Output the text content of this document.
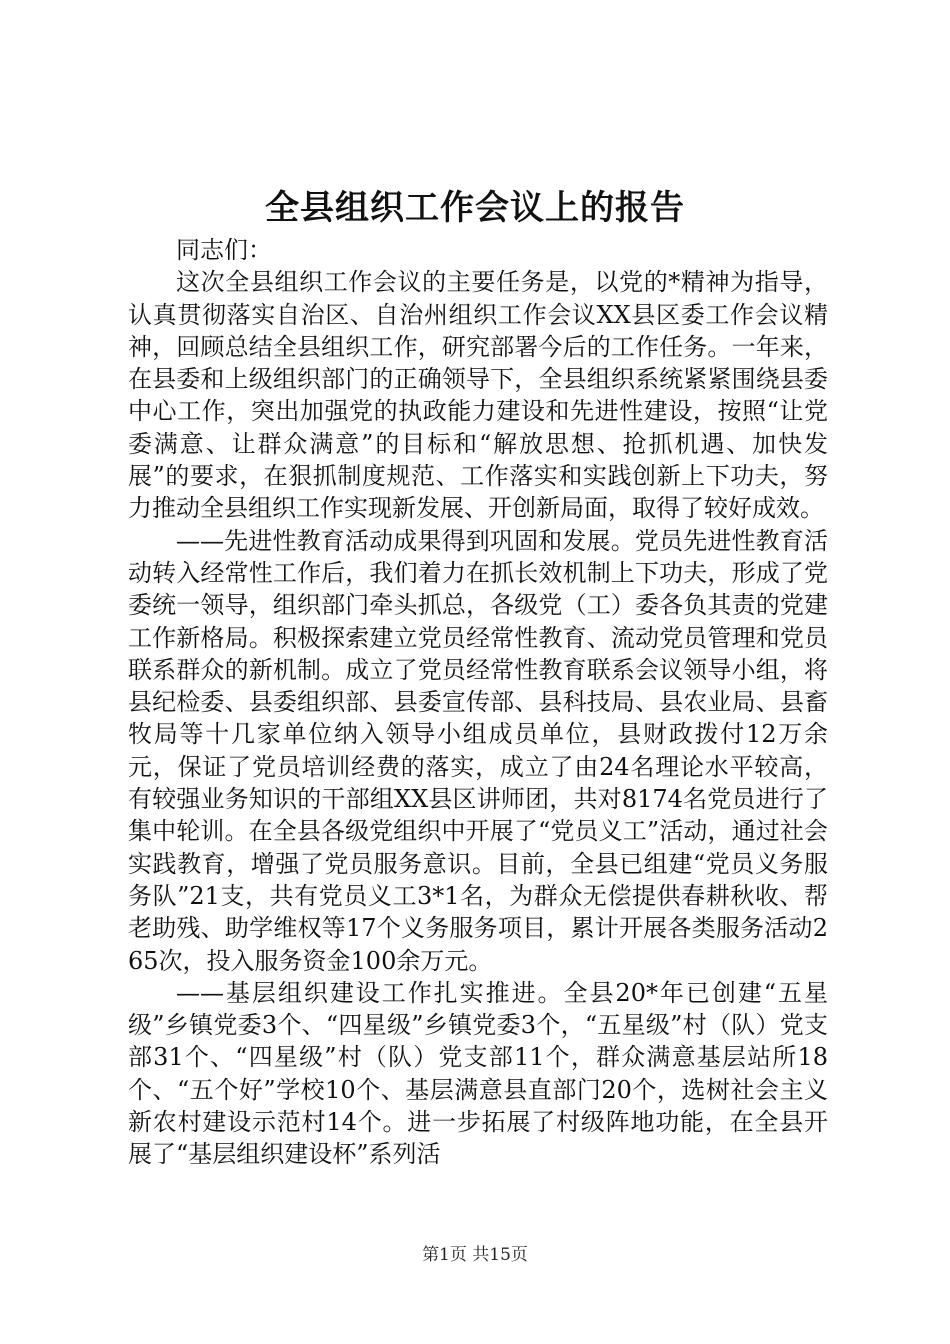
全县组织工作会议上的报告

同志们：

这次全县组织工作会议的主要任务是，以党的*精神为指导，认真贯彻落实自治区、自治州组织工作会议XX县区委工作会议精神，回顾总结全县组织工作，研究部署今后的工作任务。一年来，在县委和上级组织部门的正确领导下，全县组织系统紧紧围绕县委中心工作，突出加强党的执政能力建设和先进性建设，按照“让党委满意、让群众满意”的目标和“解放思想、抢抓机遇、加快发展”的要求，在狠抓制度规范、工作落实和实践创新上下功夫，努力推动全县组织工作实现新发展、开创新局面，取得了较好成效。

——先进性教育活动成果得到巩固和发展。党员先进性教育活动转入经常性工作后，我们着力在抓长效机制上下功夫，形成了党委统一领导，组织部门牵头抓总，各级党（工）委各负其责的党建工作新格局。积极探索建立党员经常性教育、流动党员管理和党员联系群众的新机制。成立了党员经常性教育联系会议领导小组，将县纪检委、县委组织部、县委宣传部、县科技局、县农业局、县畜牧局等十几家单位纳入领导小组成员单位，县财政拨付12万余元，保证了党员培训经费的落实，成立了由24名理论水平较高，有较强业务知识的干部组XX县区讲师团，共对8174名党员进行了集中轮训。在全县各级党组织中开展了“党员义工”活动，通过社会实践教育，增强了党员服务意识。目前，全县已组建“党员义务服务队”21支，共有党员义工3*1名，为群众无偿提供春耕秋收、帮老助残、助学维权等17个义务服务项目，累计开展各类服务活动265次，投入服务资金100余万元。

——基层组织建设工作扎实推进。全县20*年已创建“五星级”乡镇党委3个、“四星级”乡镇党委3个，“五星级”村（队）党支部31个、“四星级”村（队）党支部11个，群众满意基层站所18个、“五个好”学校10个、基层满意县直部门20个，选树社会主义新农村建设示范村14个。进一步拓展了村级阵地功能，在全县开展了“基层组织建设杯”系列活

第1页 共15页
